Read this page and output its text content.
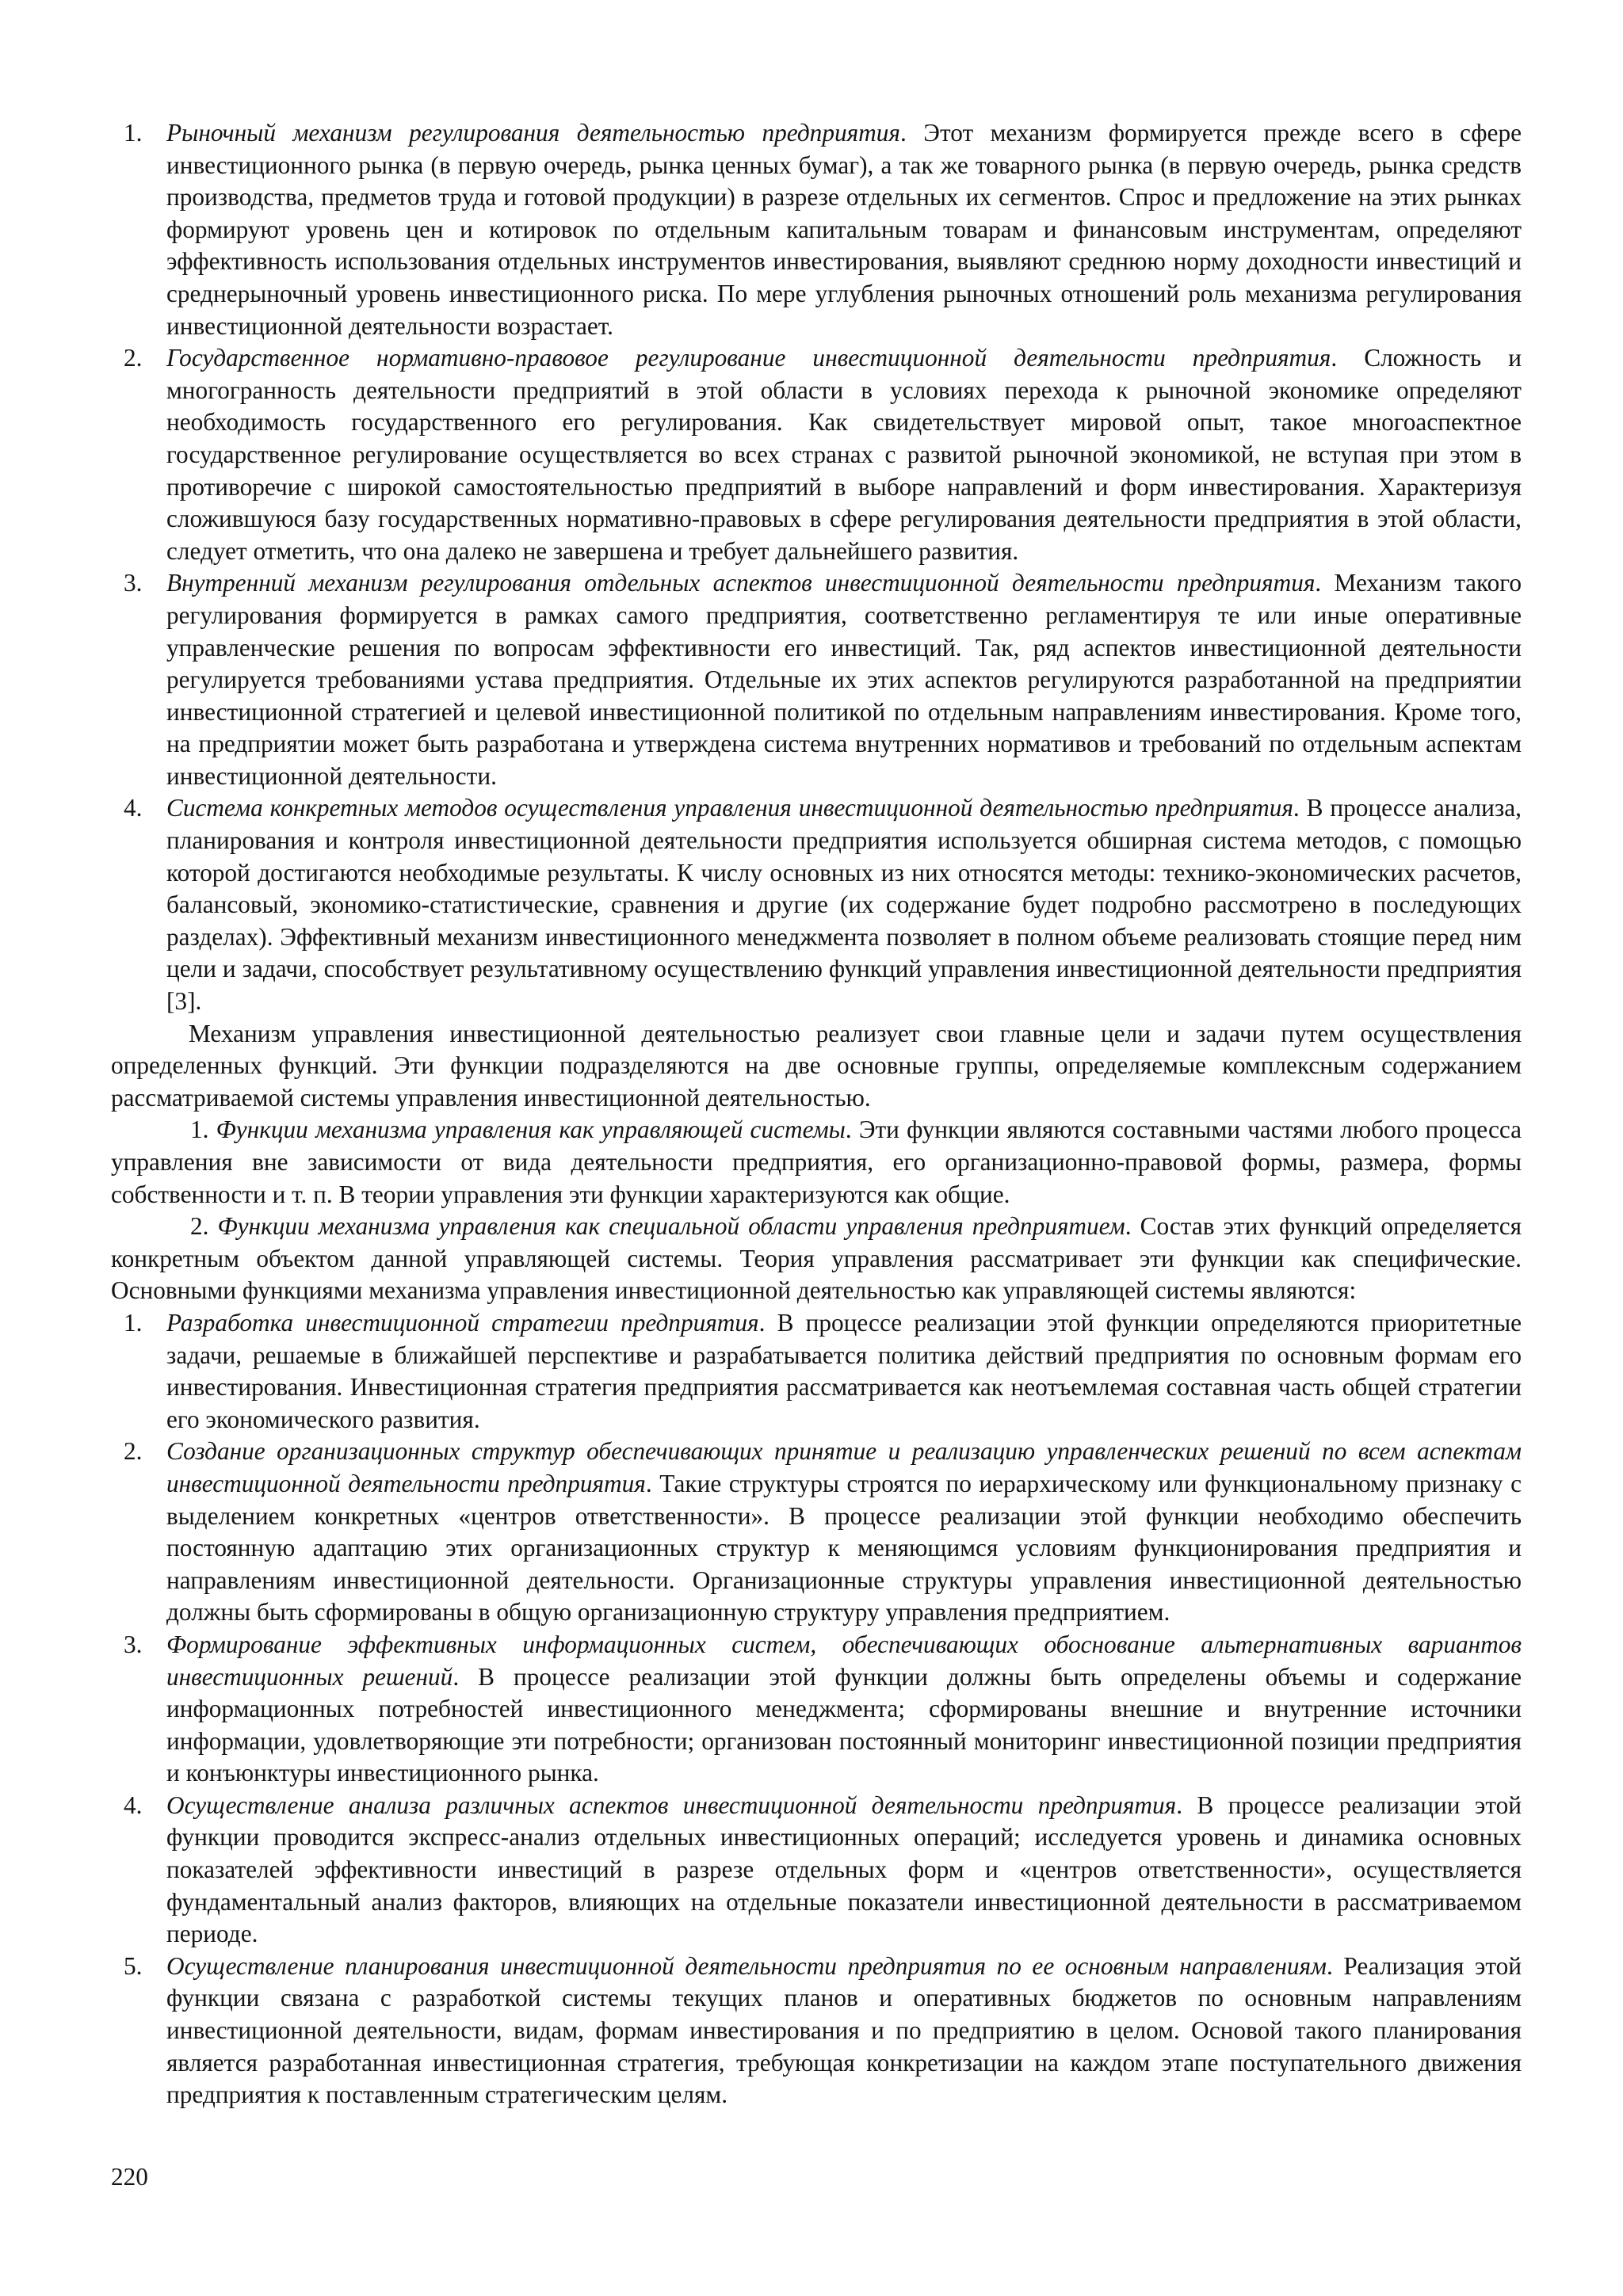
1. Рыночный механизм регулирования деятельностью предприятия. Этот механизм формируется прежде всего в сфере инвестиционного рынка (в первую очередь, рынка ценных бумаг), а так же товарного рынка (в первую очередь, рынка средств производства, предметов труда и готовой продукции) в разрезе отдельных их сегментов. Спрос и предложение на этих рынках формируют уровень цен и котировок по отдельным капитальным товарам и финансовым инструментам, определяют эффективность использования отдельных инструментов инвестирования, выявляют среднюю норму доходности инвестиций и среднерыночный уровень инвестиционного риска. По мере углубления рыночных отношений роль механизма регулирования инвестиционной деятельности возрастает.
2. Государственное нормативно-правовое регулирование инвестиционной деятельности предприятия. Сложность и многогранность деятельности предприятий в этой области в условиях перехода к рыночной экономике определяют необходимость государственного его регулирования. Как свидетельствует мировой опыт, такое многоаспектное государственное регулирование осуществляется во всех странах с развитой рыночной экономикой, не вступая при этом в противоречие с широкой самостоятельностью предприятий в выборе направлений и форм инвестирования. Характеризуя сложившуюся базу государственных нормативно-правовых в сфере регулирования деятельности предприятия в этой области, следует отметить, что она далеко не завершена и требует дальнейшего развития.
3. Внутренний механизм регулирования отдельных аспектов инвестиционной деятельности предприятия. Механизм такого регулирования формируется в рамках самого предприятия, соответственно регламентируя те или иные оперативные управленческие решения по вопросам эффективности его инвестиций. Так, ряд аспектов инвестиционной деятельности регулируется требованиями устава предприятия. Отдельные их этих аспектов регулируются разработанной на предприятии инвестиционной стратегией и целевой инвестиционной политикой по отдельным направлениям инвестирования. Кроме того, на предприятии может быть разработана и утверждена система внутренних нормативов и требований по отдельным аспектам инвестиционной деятельности.
4. Система конкретных методов осуществления управления инвестиционной деятельностью предприятия. В процессе анализа, планирования и контроля инвестиционной деятельности предприятия используется обширная система методов, с помощью которой достигаются необходимые результаты. К числу основных из них относятся методы: технико-экономических расчетов, балансовый, экономико-статистические, сравнения и другие (их содержание будет подробно рассмотрено в последующих разделах). Эффективный механизм инвестиционного менеджмента позволяет в полном объеме реализовать стоящие перед ним цели и задачи, способствует результативному осуществлению функций управления инвестиционной деятельности предприятия [3].

Механизм управления инвестиционной деятельностью реализует свои главные цели и задачи путем осуществления определенных функций. Эти функции подразделяются на две основные группы, определяемые комплексным содержанием рассматриваемой системы управления инвестиционной деятельностью.

1. Функции механизма управления как управляющей системы. Эти функции являются составными частями любого процесса управления вне зависимости от вида деятельности предприятия, его организационно-правовой формы, размера, формы собственности и т. п. В теории управления эти функции характеризуются как общие.

2. Функции механизма управления как специальной области управления предприятием. Состав этих функций определяется конкретным объектом данной управляющей системы. Теория управления рассматривает эти функции как специфические. Основными функциями механизма управления инвестиционной деятельностью как управляющей системы являются:

1. Разработка инвестиционной стратегии предприятия. В процессе реализации этой функции определяются приоритетные задачи, решаемые в ближайшей перспективе и разрабатывается политика действий предприятия по основным формам его инвестирования. Инвестиционная стратегия предприятия рассматривается как неотъемлемая составная часть общей стратегии его экономического развития.
2. Создание организационных структур обеспечивающих принятие и реализацию управленческих решений по всем аспектам инвестиционной деятельности предприятия. Такие структуры строятся по иерархическому или функциональному признаку с выделением конкретных «центров ответственности». В процессе реализации этой функции необходимо обеспечить постоянную адаптацию этих организационных структур к меняющимся условиям функционирования предприятия и направлениям инвестиционной деятельности. Организационные структуры управления инвестиционной деятельностью должны быть сформированы в общую организационную структуру управления предприятием.
3. Формирование эффективных информационных систем, обеспечивающих обоснование альтернативных вариантов инвестиционных решений. В процессе реализации этой функции должны быть определены объемы и содержание информационных потребностей инвестиционного менеджмента; сформированы внешние и внутренние источники информации, удовлетворяющие эти потребности; организован постоянный мониторинг инвестиционной позиции предприятия и конъюнктуры инвестиционного рынка.
4. Осуществление анализа различных аспектов инвестиционной деятельности предприятия. В процессе реализации этой функции проводится экспресс-анализ отдельных инвестиционных операций; исследуется уровень и динамика основных показателей эффективности инвестиций в разрезе отдельных форм и «центров ответственности», осуществляется фундаментальный анализ факторов, влияющих на отдельные показатели инвестиционной деятельности в рассматриваемом периоде.
5. Осуществление планирования инвестиционной деятельности предприятия по ее основным направлениям. Реализация этой функции связана с разработкой системы текущих планов и оперативных бюджетов по основным направлениям инвестиционной деятельности, видам, формам инвестирования и по предприятию в целом. Основой такого планирования является разработанная инвестиционная стратегия, требующая конкретизации на каждом этапе поступательного движения предприятия к поставленным стратегическим целям.
220
